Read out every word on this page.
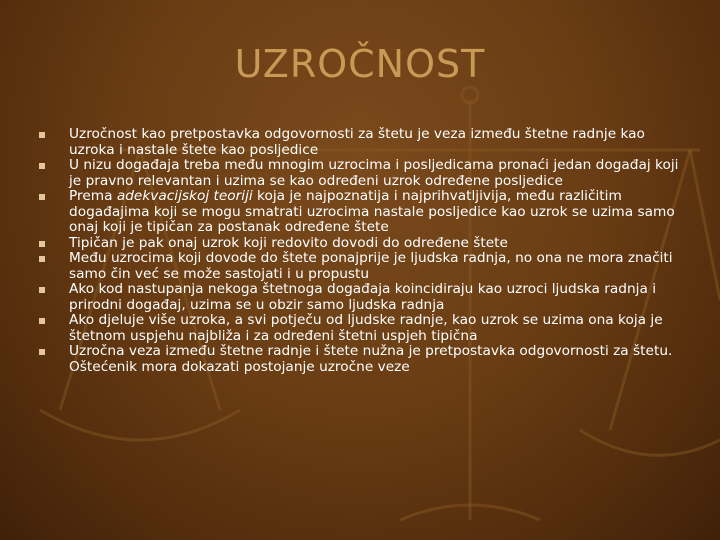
UZROČNOST
Uzročnost kao pretpostavka odgovornosti za štetu je veza između štetne radnje kao uzroka i nastale štete kao posljedice
U nizu događaja treba među mnogim uzrocima i posljedicama pronaći jedan događaj koji je pravno relevantan i uzima se kao određeni uzrok određene posljedice
Prema adekvacijskoj teoriji koja je najpoznatija i najprihvatljivija, među različitim događajima koji se mogu smatrati uzrocima nastale posljedice kao uzrok se uzima samo onaj koji je tipičan za postanak određene štete
Tipičan je pak onaj uzrok koji redovito dovodi do određene štete
Među uzrocima koji dovode do štete ponajprije je ljudska radnja, no ona ne mora značiti samo čin već se može sastojati i u propustu
Ako kod nastupanja nekoga štetnoga događaja koincidiraju kao uzroci ljudska radnja i prirodni događaj, uzima se u obzir samo ljudska radnja
Ako djeluje više uzroka, a svi potječu od ljudske radnje, kao uzrok se uzima ona koja je štetnom uspjehu najbliža i za određeni štetni uspjeh tipična
Uzročna veza između štetne radnje i štete nužna je pretpostavka odgovornosti za štetu. Oštećenik mora dokazati postojanje uzročne veze
